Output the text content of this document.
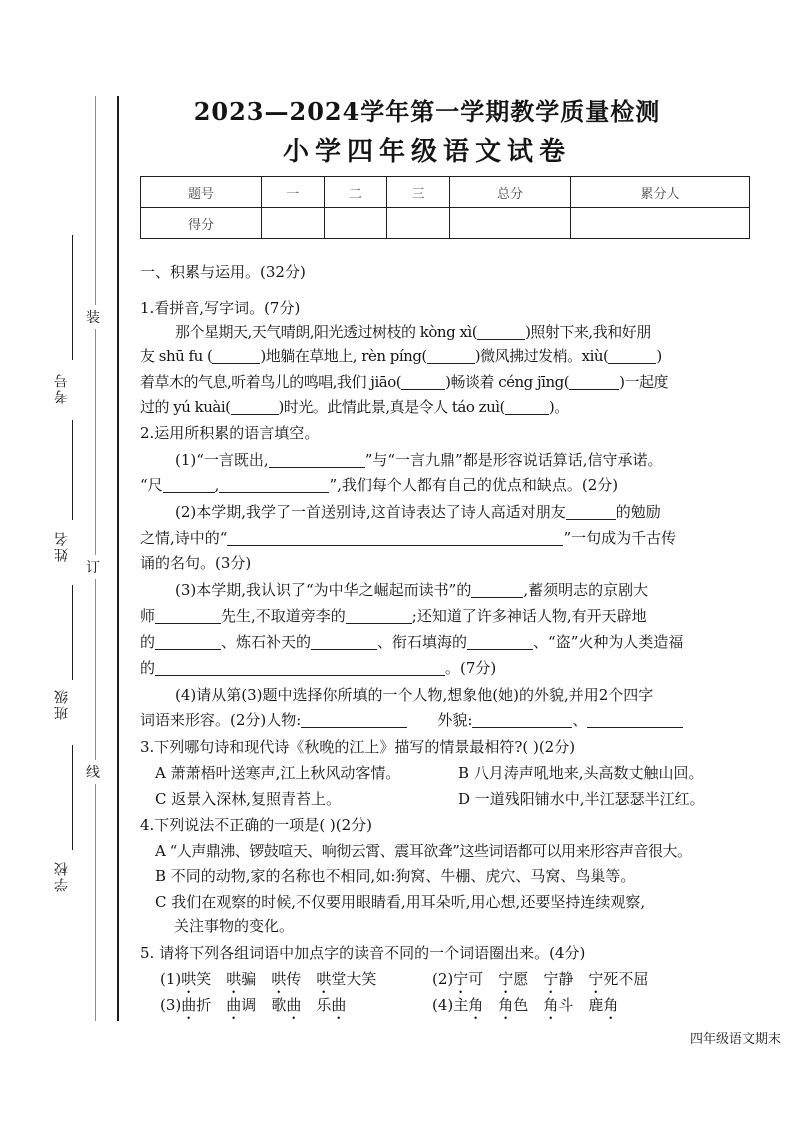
装
订
线
考号
姓名
班级
学校
2023—2024学年第一学期教学质量检测
小学四年级语文试卷
题号	一	二	三	总分	累分人
得分					
一、积累与运用。(32分)
1.看拼音,写字词。(7分)
那个星期天,天气晴朗,阳光透过树枝的 kòng xì(	)照射下来,我和好朋
友 shū fu (	)地躺在草地上, rèn píng(	)微风拂过发梢。xiù(	)
着草木的气息,听着鸟儿的鸣唱,我们 jiāo(	)畅谈着 céng jīng(	)一起度
过的 yú kuài(	)时光。此情此景,真是令人 táo zuì(	)。
2.运用所积累的语言填空。
(1)“一言既出,	”与“一言九鼎”都是形容说话算话,信守承诺。
“尺	,	”,我们每个人都有自己的优点和缺点。(2分)
(2)本学期,我学了一首送别诗,这首诗表达了诗人高适对朋友	的勉励
之情,诗中的“	”一句成为千古传
诵的名句。(3分)
(3)本学期,我认识了“为中华之崛起而读书”的	,蓄须明志的京剧大
师	先生,不取道旁李的	;还知道了许多神话人物,有开天辟地
的	、炼石补天的	、衔石填海的	、“盗”火种为人类造福
的	。(7分)
(4)请从第(3)题中选择你所填的一个人物,想象他(她)的外貌,并用2个四字
词语来形容。(2分)人物:	外貌:	、
3.下列哪句诗和现代诗《秋晚的江上》描写的情景最相符?( )(2分)
A 萧萧梧叶送寒声,江上秋风动客情。	B 八月涛声吼地来,头高数丈触山回。
C 返景入深林,复照青苔上。	D 一道残阳铺水中,半江瑟瑟半江红。
4.下列说法不正确的一项是( )(2分)
A “人声鼎沸、锣鼓喧天、响彻云霄、震耳欲聋”这些词语都可以用来形容声音很大。
B 不同的动物,家的名称也不相同,如:狗窝、牛棚、虎穴、马窝、鸟巢等。
C 我们在观察的时候,不仅要用眼睛看,用耳朵听,用心想,还要坚持连续观察,
关注事物的变化。
5. 请将下列各组词语中加点字的读音不同的一个词语圈出来。(4分)
(1)哄笑  哄骗  哄传  哄堂大笑	(2)宁可  宁愿  宁静  宁死不屈
(3)曲折  曲调  歌曲  乐曲	(4)主角  角色  角斗  鹿角
四年级语文期末
